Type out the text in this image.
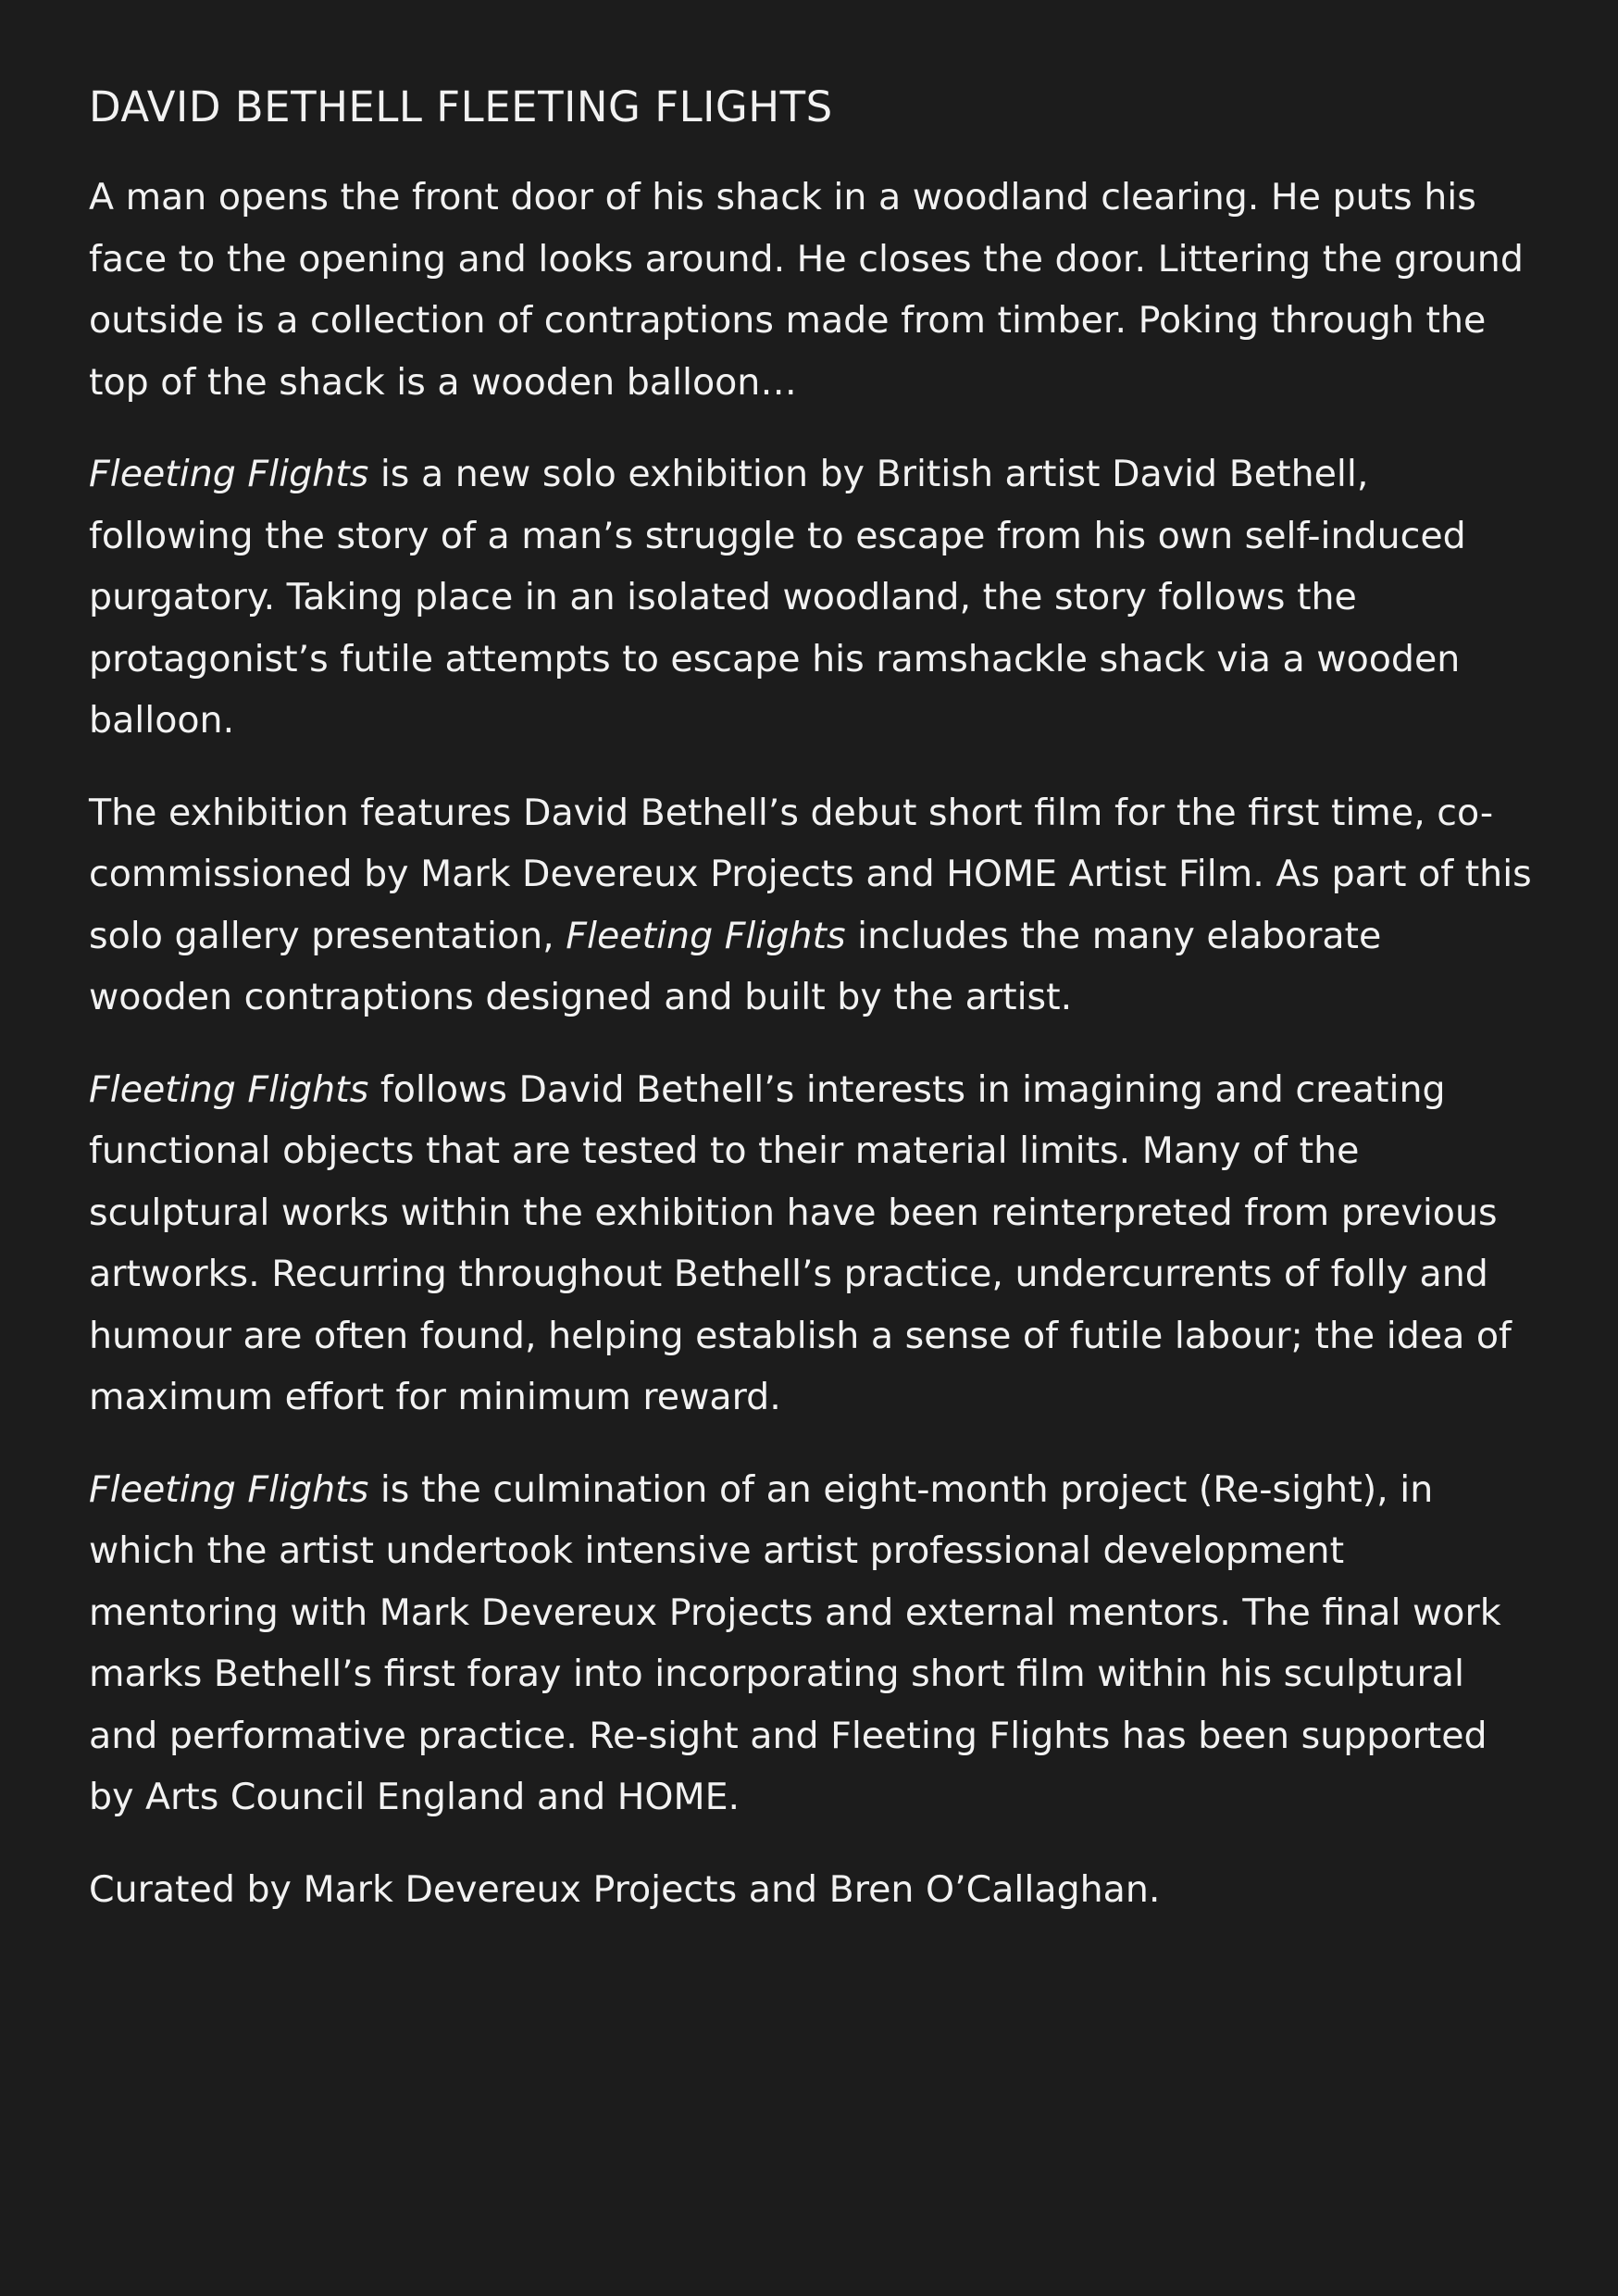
DAVID BETHELL FLEETING FLIGHTS

A man opens the front door of his shack in a woodland clearing. He puts his face to the opening and looks around. He closes the door. Littering the ground outside is a collection of contraptions made from timber. Poking through the top of the shack is a wooden balloon…

Fleeting Flights is a new solo exhibition by British artist David Bethell, following the story of a man’s struggle to escape from his own self-induced purgatory. Taking place in an isolated woodland, the story follows the protagonist’s futile attempts to escape his ramshackle shack via a wooden balloon.

The exhibition features David Bethell’s debut short film for the first time, co-commissioned by Mark Devereux Projects and HOME Artist Film. As part of this solo gallery presentation, Fleeting Flights includes the many elaborate wooden contraptions designed and built by the artist.

Fleeting Flights follows David Bethell’s interests in imagining and creating functional objects that are tested to their material limits. Many of the sculptural works within the exhibition have been reinterpreted from previous artworks. Recurring throughout Bethell’s practice, undercurrents of folly and humour are often found, helping establish a sense of futile labour; the idea of maximum effort for minimum reward.

Fleeting Flights is the culmination of an eight-month project (Re-sight), in which the artist undertook intensive artist professional development mentoring with Mark Devereux Projects and external mentors. The final work marks Bethell’s first foray into incorporating short film within his sculptural and performative practice. Re-sight and Fleeting Flights has been supported by Arts Council England and HOME.

Curated by Mark Devereux Projects and Bren O’Callaghan.
